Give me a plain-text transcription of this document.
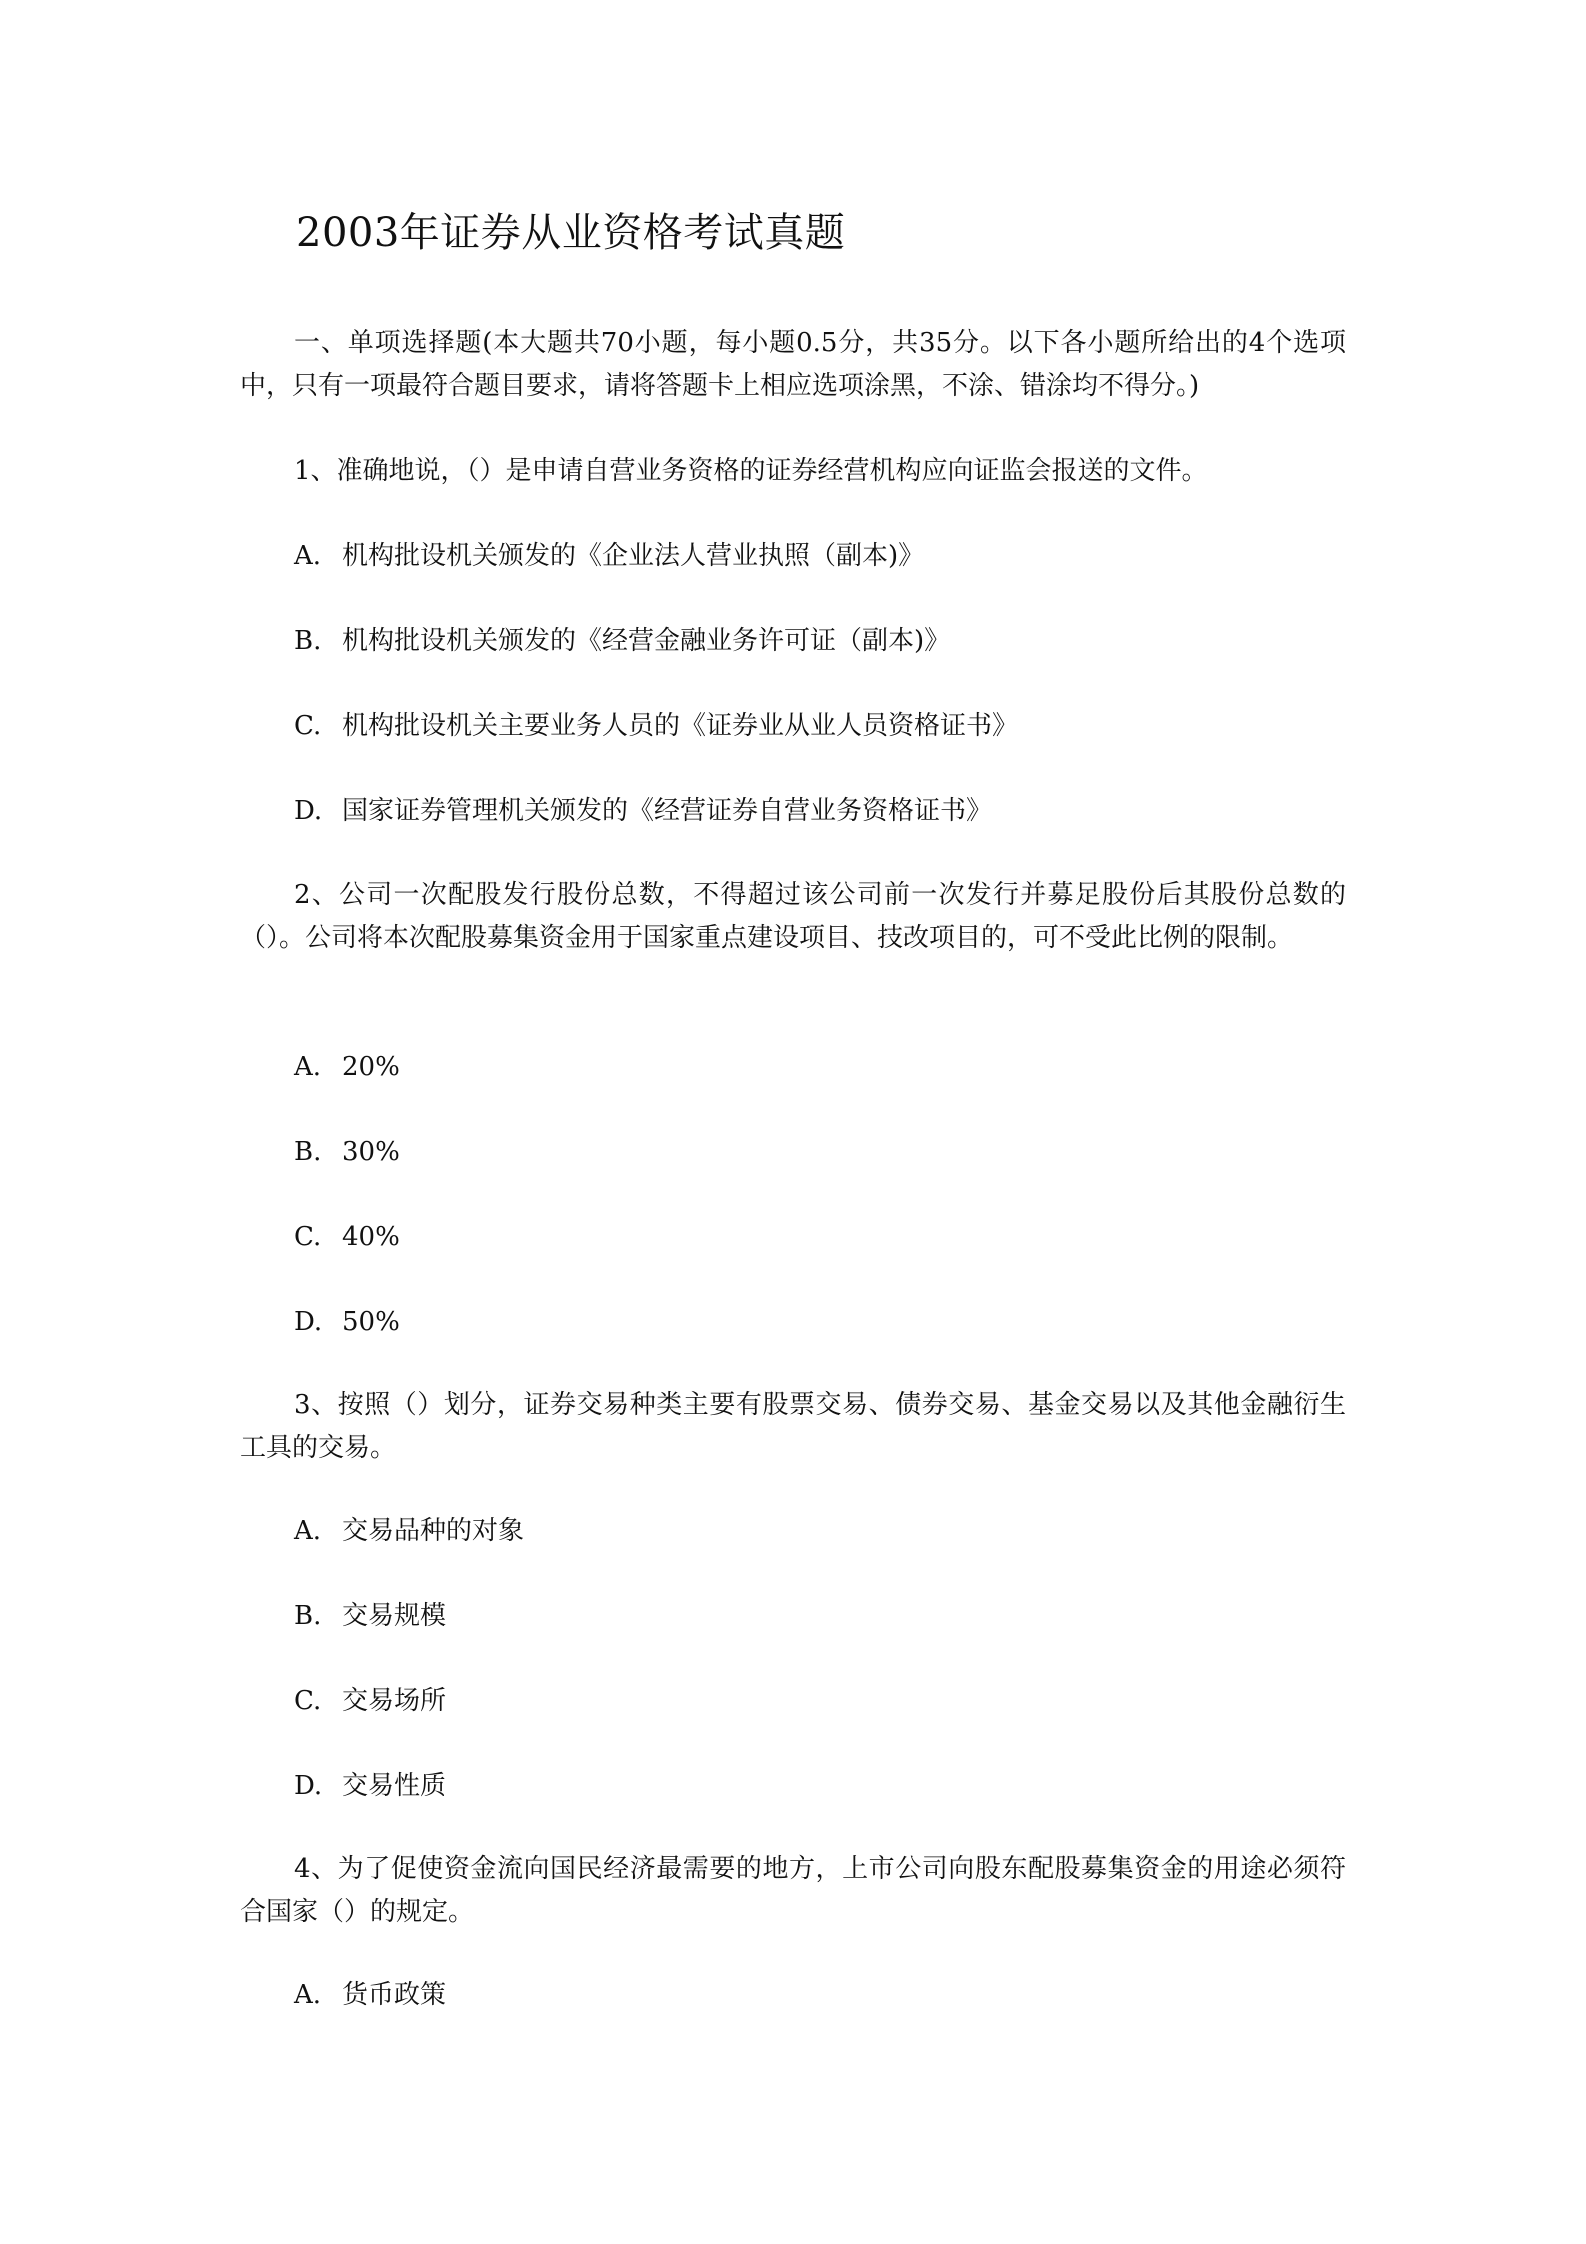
2003年证券从业资格考试真题
一、单项选择题(本大题共70小题，每小题0.5分，共35分。以下各小题所给出的4个选项中，只有一项最符合题目要求，请将答题卡上相应选项涂黑，不涂、错涂均不得分。)
1、准确地说，（）是申请自营业务资格的证券经营机构应向证监会报送的文件。
A. 机构批设机关颁发的《企业法人营业执照（副本)》
B. 机构批设机关颁发的《经营金融业务许可证（副本)》
C. 机构批设机关主要业务人员的《证券业从业人员资格证书》
D. 国家证券管理机关颁发的《经营证券自营业务资格证书》
2、公司一次配股发行股份总数，不得超过该公司前一次发行并募足股份后其股份总数的（）。公司将本次配股募集资金用于国家重点建设项目、技改项目的，可不受此比例的限制。
A. 20%
B. 30%
C. 40%
D. 50%
3、按照（）划分，证券交易种类主要有股票交易、债券交易、基金交易以及其他金融衍生工具的交易。
A. 交易品种的对象
B. 交易规模
C. 交易场所
D. 交易性质
4、为了促使资金流向国民经济最需要的地方，上市公司向股东配股募集资金的用途必须符合国家（）的规定。
A. 货币政策
